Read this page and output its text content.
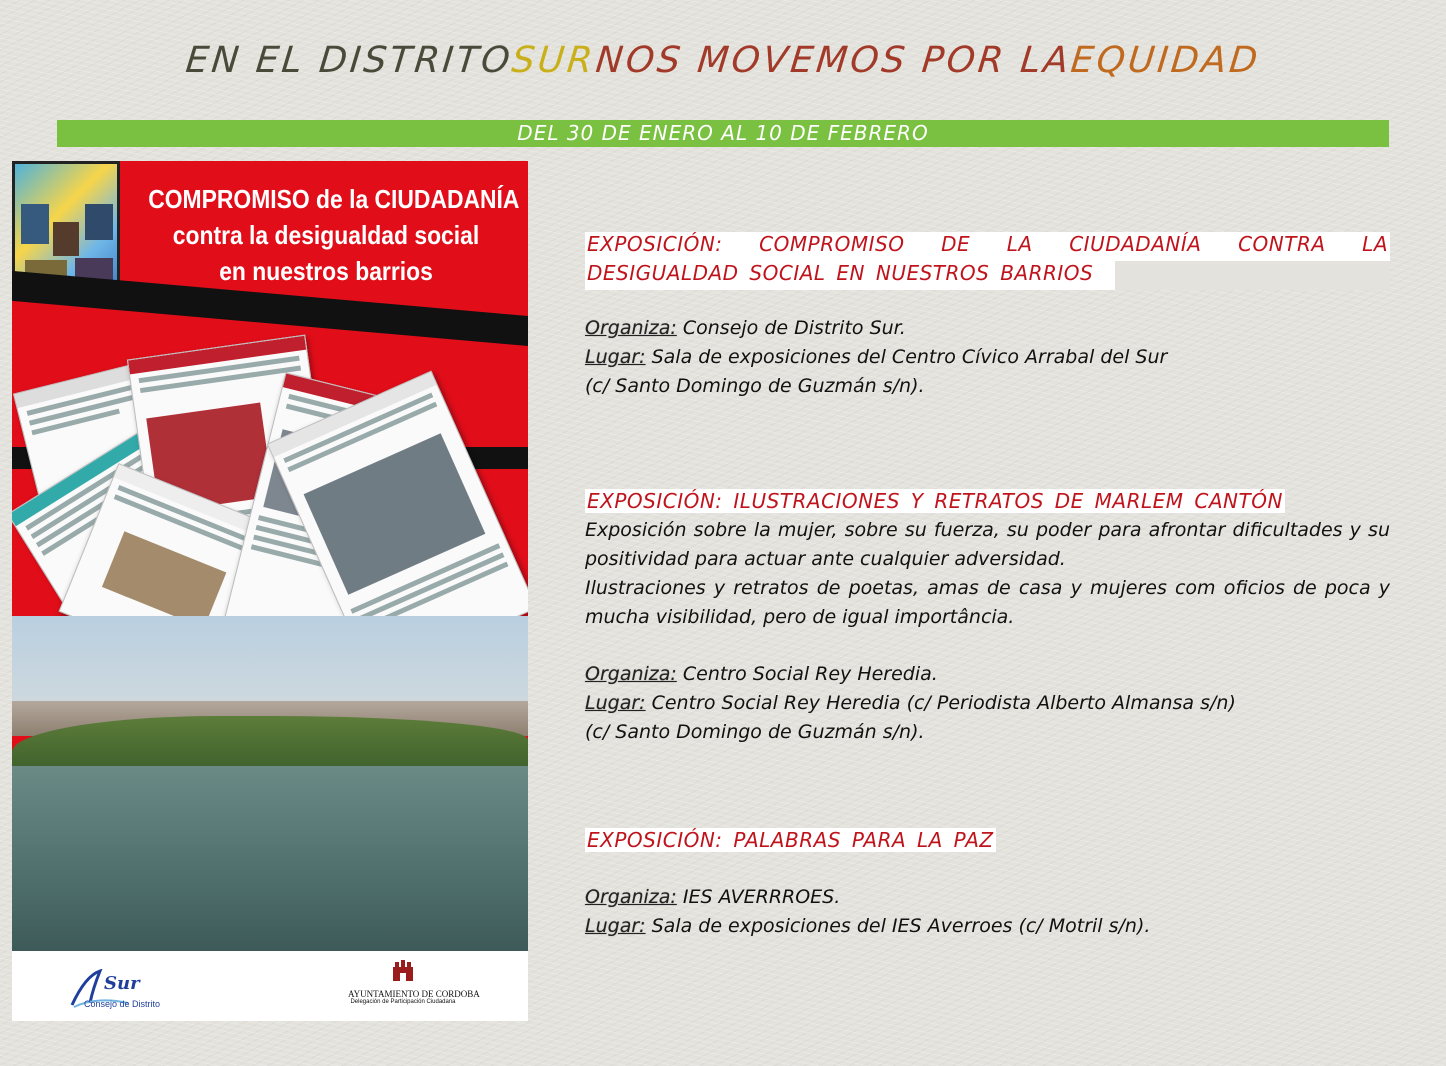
EN EL DISTRITOSURNOS MOVEMOS POR LAEQUIDAD
DEL 30 DE ENERO AL 10 DE FEBRERO
COMPROMISO de la CIUDADANÍA
contra la desigualdad social
en nuestros barrios
Sur
Consejo de Distrito
AYUNTAMIENTO DE CORDOBA
Delegación de Participación Ciudadana
EXPOSICIÓN: COMPROMISO DE LA CIUDADANÍA CONTRA LA DESIGUALDAD SOCIAL EN NUESTROS BARRIOS
Organiza: Consejo de Distrito Sur.
Lugar: Sala de exposiciones del Centro Cívico Arrabal del Sur
(c/ Santo Domingo de Guzmán s/n).
EXPOSICIÓN: ILUSTRACIONES Y RETRATOS DE MARLEM CANTÓN

Exposición sobre la mujer, sobre su fuerza, su poder para afrontar dificultades y su positividad para actuar ante cualquier adversidad.

Ilustraciones y retratos de poetas, amas de casa y mujeres com oficios de poca y mucha visibilidad, pero de igual importância.

Organiza: Centro Social Rey Heredia.
Lugar: Centro Social Rey Heredia (c/ Periodista Alberto Almansa s/n)
(c/ Santo Domingo de Guzmán s/n).
EXPOSICIÓN: PALABRAS PARA LA PAZ
Organiza: IES AVERRROES.
Lugar: Sala de exposiciones del IES Averroes (c/ Motril s/n).
